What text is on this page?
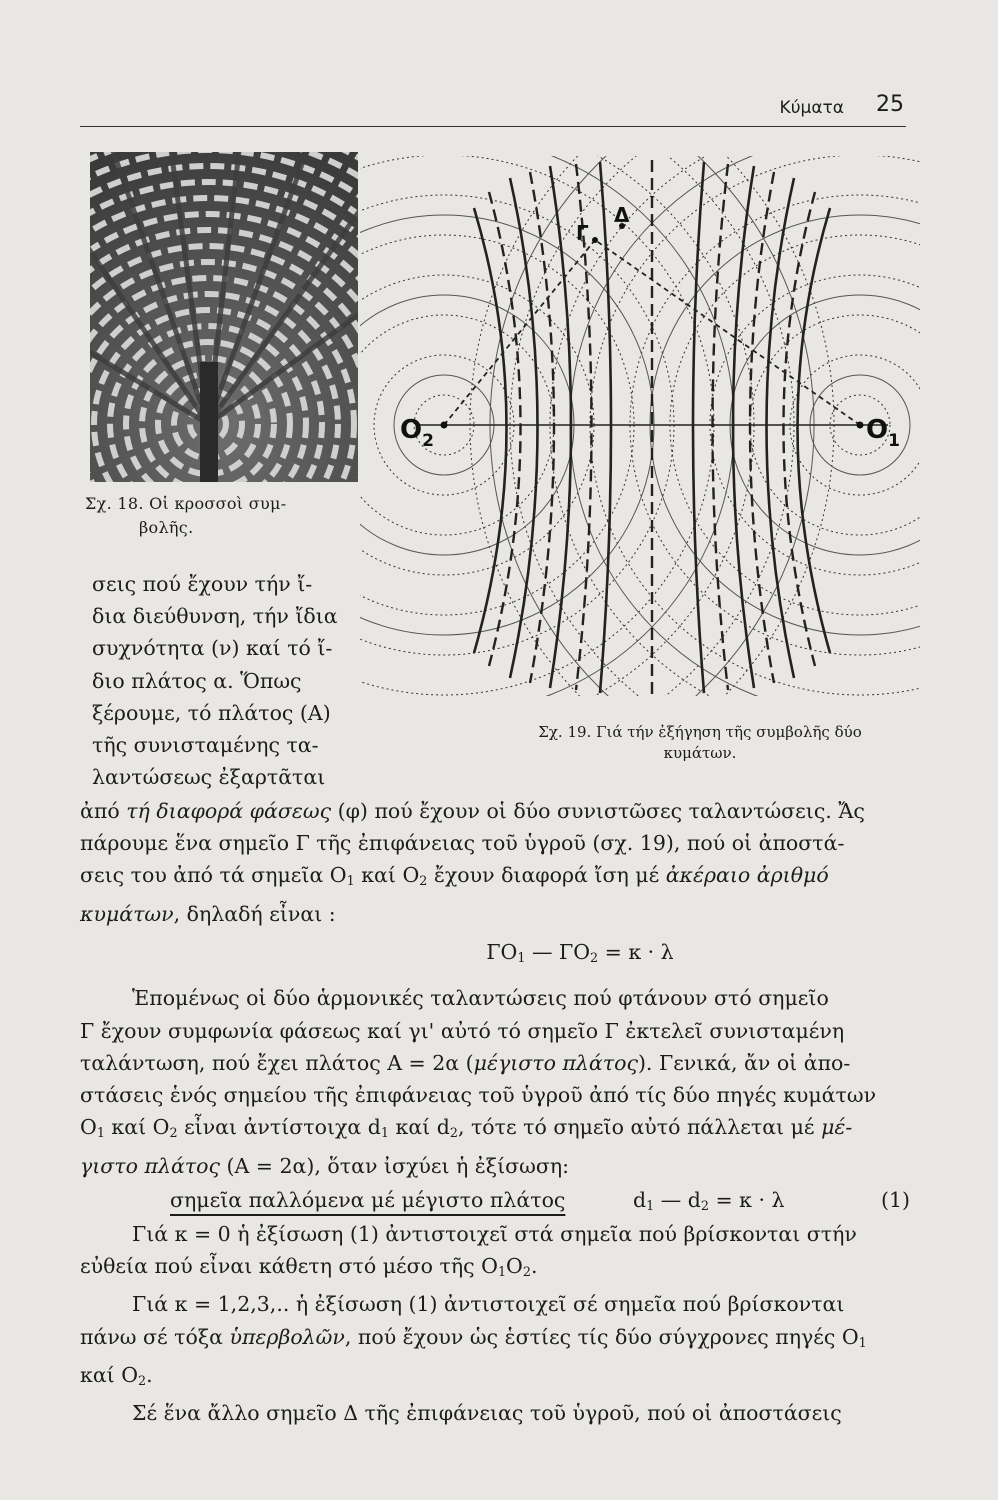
Κύματα 25
Σχ. 18. Οἱ κροσσοὶ συμ-
βολῆς.
$O_2$	$O_1$
Γ
Δ
Σχ. 19. Γιά τήν ἐξήγηση τῆς συμβολῆς δύο
κυμάτων.
σεις πού ἔχουν τήν ἴ-
δια διεύθυνση, τήν ἴδια
συχνότητα (ν) καί τό ἴ-
διο πλάτος α. Ὅπως
ξέρουμε, τό πλάτος (Α)
τῆς συνισταμένης τα-
λαντώσεως ἐξαρτᾶται
ἀπό τή διαφορά φάσεως (φ) πού ἔχουν οἱ δύο συνιστῶσες ταλαντώσεις. Ἄς
πάρουμε ἕνα σημεῖο Γ τῆς ἐπιφάνειας τοῦ ὑγροῦ (σχ. 19), πού οἱ ἀποστά-
σεις του ἀπό τά σημεῖα $O_1$ καί $O_2$ ἔχουν διαφορά ἴση μέ ἀκέραιο ἀριθμό
κυμάτων, δηλαδή εἶναι :
$\Gamma O_1$ — $\Gamma O_2 = \kappa \cdot \lambda$
Ἑπομένως οἱ δύο ἁρμονικές ταλαντώσεις πού φτάνουν στό σημεῖο
Γ ἔχουν συμφωνία φάσεως καί γι' αὐτό τό σημεῖο Γ ἐκτελεῖ συνισταμένη
ταλάντωση, πού ἔχει πλάτος Α = 2α (μέγιστο πλάτος). Γενικά, ἄν οἱ ἀπο-
στάσεις ἑνός σημείου τῆς ἐπιφάνειας τοῦ ὑγροῦ ἀπό τίς δύο πηγές κυμάτων
$O_1$ καί $O_2$ εἶναι ἀντίστοιχα $d_1$ καί $d_2$, τότε τό σημεῖο αὐτό πάλλεται μέ μέ-
γιστο πλάτος (Α = 2α), ὅταν ἰσχύει ἡ ἐξίσωση:
σημεῖα παλλόμενα μέ μέγιστο πλάτος	$d_1$ — $d_2 = \kappa \cdot \lambda$	(1)
Γιά κ = 0 ἡ ἐξίσωση (1) ἀντιστοιχεῖ στά σημεῖα πού βρίσκονται στήν
εὐθεία πού εἶναι κάθετη στό μέσο τῆς $O_1O_2$.
Γιά κ = 1,2,3,.. ἡ ἐξίσωση (1) ἀντιστοιχεῖ σέ σημεῖα πού βρίσκονται
πάνω σέ τόξα ὑπερβολῶν, πού ἔχουν ὡς ἑστίες τίς δύο σύγχρονες πηγές $O_1$
καί $O_2$.
Σέ ἕνα ἄλλο σημεῖο Δ τῆς ἐπιφάνειας τοῦ ὑγροῦ, πού οἱ ἀποστάσεις
